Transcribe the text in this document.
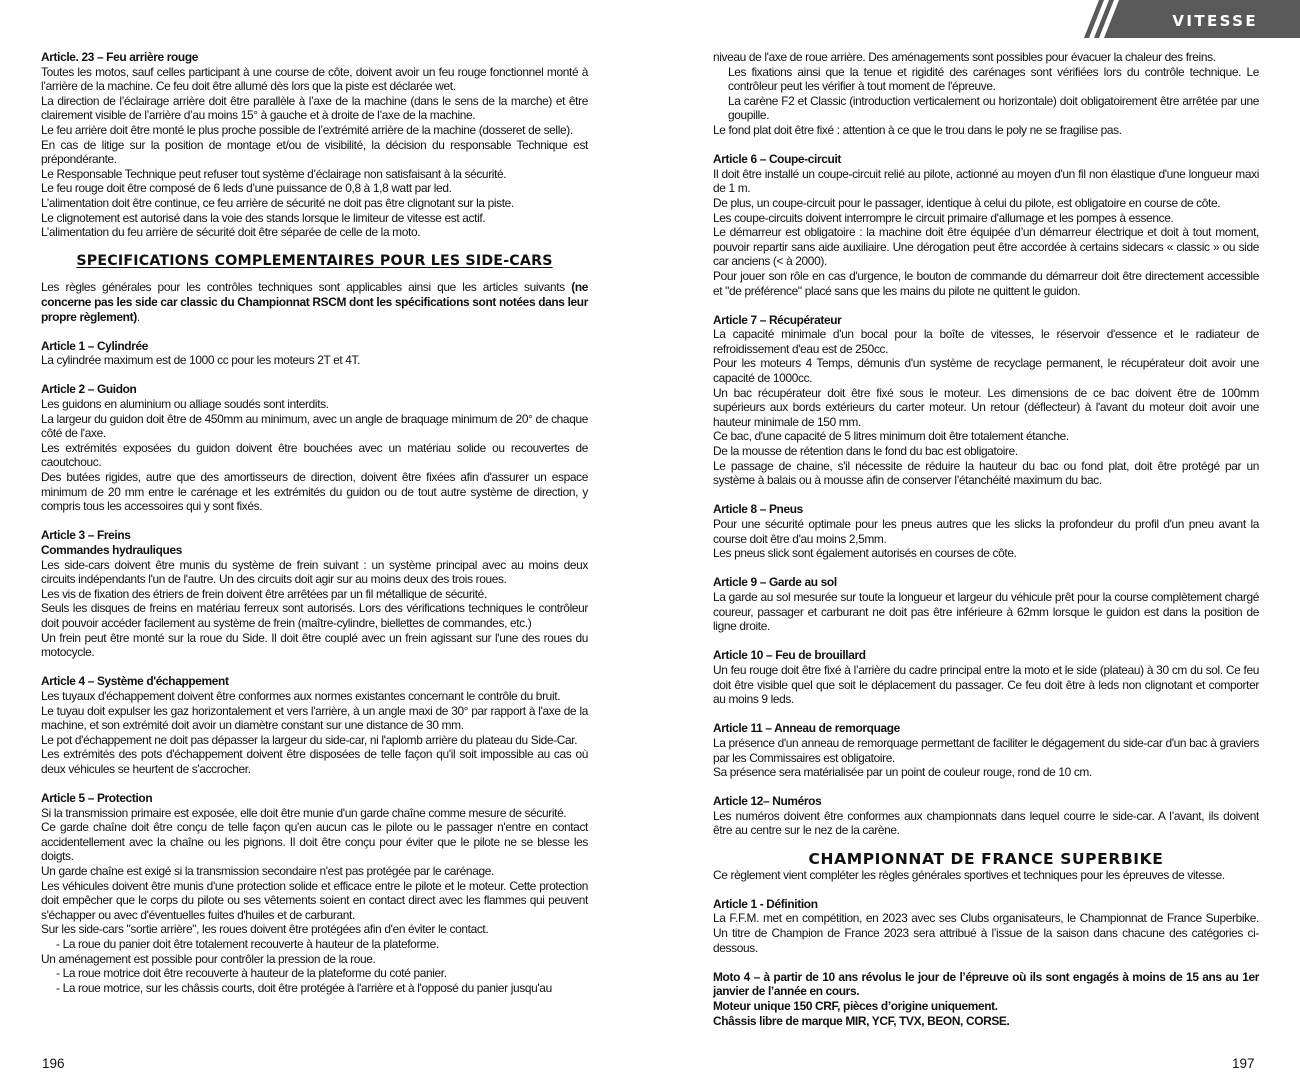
VITESSE

Article. 23 – Feu arrière rouge

Toutes les motos, sauf celles participant à une course de côte, doivent avoir un feu rouge fonctionnel monté à l’arrière de la machine. Ce feu doit être allumé dès lors que la piste est déclarée wet.

La direction de l’éclairage arrière doit être parallèle à l’axe de la machine (dans le sens de la marche) et être clairement visible de l’arrière d’au moins 15° à gauche et à droite de l’axe de la machine.

Le feu arrière doit être monté le plus proche possible de l’extrémité arrière de la machine (dosseret de selle).

En cas de litige sur la position de montage et/ou de visibilité, la décision du responsable Technique est prépondérante.

Le Responsable Technique peut refuser tout système d’éclairage non satisfaisant à la sécurité.

Le feu rouge doit être composé de 6 leds d’une puissance de 0,8 à 1,8 watt par led.

L’alimentation doit être continue, ce feu arrière de sécurité ne doit pas être clignotant sur la piste.

Le clignotement est autorisé dans la voie des stands lorsque le limiteur de vitesse est actif.

L’alimentation du feu arrière de sécurité doit être séparée de celle de la moto.

SPECIFICATIONS COMPLEMENTAIRES POUR LES SIDE-CARS

Les règles générales pour les contrôles techniques sont applicables ainsi que les articles suivants (ne concerne pas les side car classic du Championnat RSCM dont les spécifications sont notées dans leur propre règlement).

Article 1 – Cylindrée

La cylindrée maximum est de 1000 cc pour les moteurs 2T et 4T.

Article 2 – Guidon

Les guidons en aluminium ou alliage soudés sont interdits.

La largeur du guidon doit être de 450mm au minimum, avec un angle de braquage minimum de 20° de chaque côté de l'axe.

Les extrémités exposées du guidon doivent être bouchées avec un matériau solide ou recouvertes de caoutchouc.

Des butées rigides, autre que des amortisseurs de direction, doivent être fixées afin d'assurer un espace minimum de 20 mm entre le carénage et les extrémités du guidon ou de tout autre système de direction, y compris tous les accessoires qui y sont fixés.

Article 3 – Freins

Commandes hydrauliques

Les side-cars doivent être munis du système de frein suivant : un système principal avec au moins deux circuits indépendants l'un de l'autre. Un des circuits doit agir sur au moins deux des trois roues.

Les vis de fixation des étriers de frein doivent être arrêtées par un fil métallique de sécurité.

Seuls les disques de freins en matériau ferreux sont autorisés. Lors des vérifications techniques le contrôleur doit pouvoir accéder facilement au système de frein (maître-cylindre, biellettes de commandes, etc.)

Un frein peut être monté sur la roue du Side. Il doit être couplé avec un frein agissant sur l'une des roues du motocycle.

Article 4 – Système d'échappement

Les tuyaux d'échappement doivent être conformes aux normes existantes concernant le contrôle du bruit.

Le tuyau doit expulser les gaz horizontalement et vers l'arrière, à un angle maxi de 30° par rapport à l'axe de la machine, et son extrémité doit avoir un diamètre constant sur une distance de 30 mm.

Le pot d'échappement ne doit pas dépasser la largeur du side-car, ni l'aplomb arrière du plateau du Side-Car.

Les extrémités des pots d'échappement doivent être disposées de telle façon qu'il soit impossible au cas où deux véhicules se heurtent de s'accrocher.

Article 5 – Protection

Si la transmission primaire est exposée, elle doit être munie d'un garde chaîne comme mesure de sécurité.

Ce garde chaîne doit être conçu de telle façon qu'en aucun cas le pilote ou le passager n'entre en contact accidentellement avec la chaîne ou les pignons. Il doit être conçu pour éviter que le pilote ne se blesse les doigts.

Un garde chaîne est exigé si la transmission secondaire n'est pas protégée par le carénage.

Les véhicules doivent être munis d'une protection solide et efficace entre le pilote et le moteur. Cette protection doit empêcher que le corps du pilote ou ses vêtements soient en contact direct avec les flammes qui peuvent s'échapper ou avec d'éventuelles fuites d'huiles et de carburant.

Sur les side-cars "sortie arrière", les roues doivent être protégées afin d'en éviter le contact.

- La roue du panier doit être totalement recouverte à hauteur de la plateforme.

Un aménagement est possible pour contrôler la pression de la roue.

- La roue motrice doit être recouverte à hauteur de la plateforme du coté panier.

- La roue motrice, sur les châssis courts, doit être protégée à l'arrière et à l'opposé du panier jusqu'au

196

niveau de l'axe de roue arrière. Des aménagements sont possibles pour évacuer la chaleur des freins.

Les fixations ainsi que la tenue et rigidité des carénages sont vérifiées lors du contrôle technique. Le contrôleur peut les vérifier à tout moment de l'épreuve.

La carène F2 et Classic (introduction verticalement ou horizontale) doit obligatoirement être arrêtée par une goupille.

Le fond plat doit être fixé : attention à ce que le trou dans le poly ne se fragilise pas.

Article 6 – Coupe-circuit

Il doit être installé un coupe-circuit relié au pilote, actionné au moyen d'un fil non élastique d'une longueur maxi de 1 m.

De plus, un coupe-circuit pour le passager, identique à celui du pilote, est obligatoire en course de côte.

Les coupe-circuits doivent interrompre le circuit primaire d'allumage et les pompes à essence.

Le démarreur est obligatoire : la machine doit être équipée d’un démarreur électrique et doit à tout moment, pouvoir repartir sans aide auxiliaire. Une dérogation peut être accordée à certains sidecars « classic » ou side car anciens (< à 2000).

Pour jouer son rôle en cas d'urgence, le bouton de commande du démarreur doit être directement accessible et "de préférence" placé sans que les mains du pilote ne quittent le guidon.

Article 7 – Récupérateur

La capacité minimale d'un bocal pour la boîte de vitesses, le réservoir d'essence et le radiateur de refroidissement d'eau est de 250cc.

Pour les moteurs 4 Temps, démunis d'un système de recyclage permanent, le récupérateur doit avoir une capacité de 1000cc.

Un bac récupérateur doit être fixé sous le moteur. Les dimensions de ce bac doivent être de 100mm supérieurs aux bords extérieurs du carter moteur. Un retour (déflecteur) à l'avant du moteur doit avoir une hauteur minimale de 150 mm.

Ce bac, d'une capacité de 5 litres minimum doit être totalement étanche.

De la mousse de rétention dans le fond du bac est obligatoire.

Le passage de chaine, s'il nécessite de réduire la hauteur du bac ou fond plat, doit être protégé par un système à balais ou à mousse afin de conserver l’étanchéité maximum du bac.

Article 8 – Pneus

Pour une sécurité optimale pour les pneus autres que les slicks la profondeur du profil d'un pneu avant la course doit être d'au moins 2,5mm.

Les pneus slick sont également autorisés en courses de côte.

Article 9 – Garde au sol

La garde au sol mesurée sur toute la longueur et largeur du véhicule prêt pour la course complètement chargé coureur, passager et carburant ne doit pas être inférieure à 62mm lorsque le guidon est dans la position de ligne droite.

Article 10 – Feu de brouillard

Un feu rouge doit être fixé à l’arrière du cadre principal entre la moto et le side (plateau) à 30 cm du sol. Ce feu doit être visible quel que soit le déplacement du passager. Ce feu doit être à leds non clignotant et comporter au moins 9 leds.

Article 11 – Anneau de remorquage

La présence d'un anneau de remorquage permettant de faciliter le dégagement du side-car d'un bac à graviers par les Commissaires est obligatoire.

Sa présence sera matérialisée par un point de couleur rouge, rond de 10 cm.

Article 12– Numéros

Les numéros doivent être conformes aux championnats dans lequel courre le side-car. A l’avant, ils doivent être au centre sur le nez de la carène.

CHAMPIONNAT DE FRANCE SUPERBIKE

Ce règlement vient compléter les règles générales sportives et techniques pour les épreuves de vitesse.

Article 1 - Définition

La F.F.M. met en compétition, en 2023 avec ses Clubs organisateurs, le Championnat de France Superbike. Un titre de Champion de France 2023 sera attribué à l’issue de la saison dans chacune des catégories ci-dessous.

Moto 4 – à partir de 10 ans révolus le jour de l’épreuve où ils sont engagés à moins de 15 ans au 1er janvier de l’année en cours.

Moteur unique 150 CRF, pièces d’origine uniquement.

Châssis libre de marque MIR, YCF, TVX, BEON, CORSE.

197
